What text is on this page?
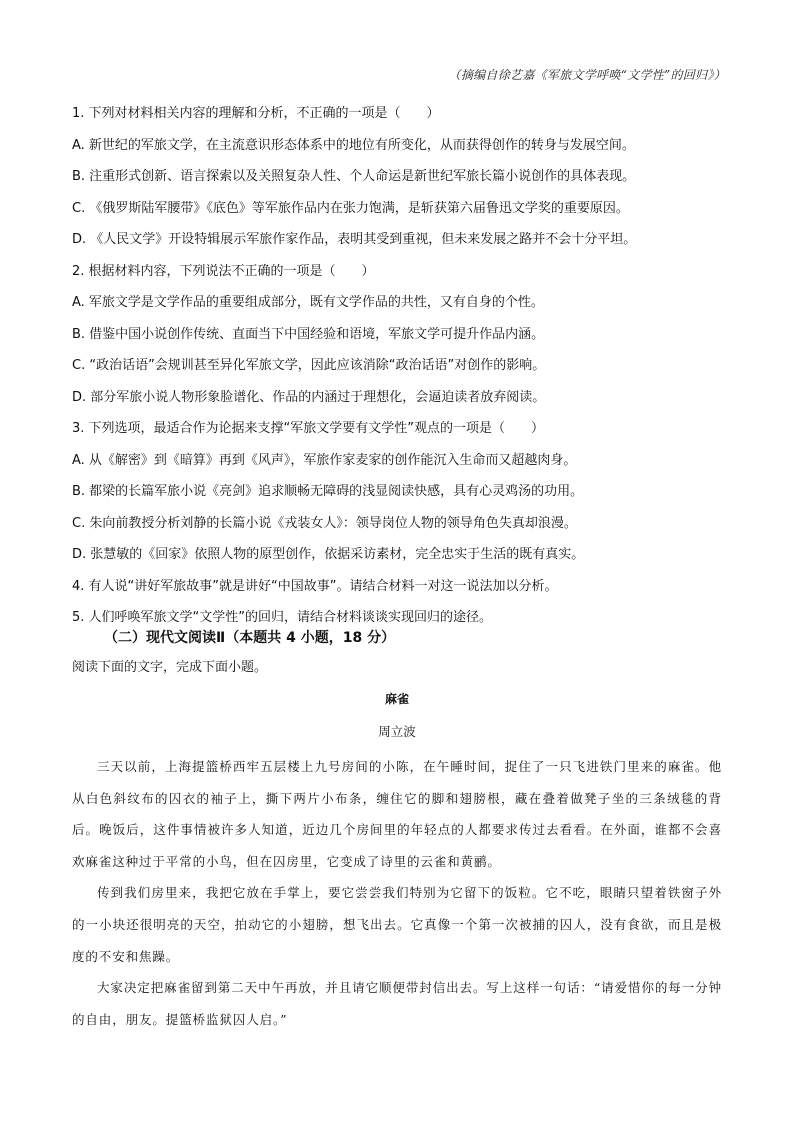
（摘编自徐艺嘉《军旅文学呼唤“文学性”的回归》）
1. 下列对材料相关内容的理解和分析，不正确的一项是（　　）
A. 新世纪的军旅文学，在主流意识形态体系中的地位有所变化，从而获得创作的转身与发展空间。
B. 注重形式创新、语言探索以及关照复杂人性、个人命运是新世纪军旅长篇小说创作的具体表现。
C. 《俄罗斯陆军腰带》《底色》等军旅作品内在张力饱满，是斩获第六届鲁迅文学奖的重要原因。
D. 《人民文学》开设特辑展示军旅作家作品，表明其受到重视，但未来发展之路并不会十分平坦。
2. 根据材料内容，下列说法不正确的一项是（　　）
A. 军旅文学是文学作品的重要组成部分，既有文学作品的共性，又有自身的个性。
B. 借鉴中国小说创作传统、直面当下中国经验和语境，军旅文学可提升作品内涵。
C. “政治话语”会规训甚至异化军旅文学，因此应该消除“政治话语”对创作的影响。
D. 部分军旅小说人物形象脸谱化、作品的内涵过于理想化，会逼迫读者放弃阅读。
3. 下列选项，最适合作为论据来支撑“军旅文学要有文学性”观点的一项是（　　）
A. 从《解密》到《暗算》再到《风声》，军旅作家麦家的创作能沉入生命而又超越肉身。
B. 都梁的长篇军旅小说《亮剑》追求顺畅无障碍的浅显阅读快感，具有心灵鸡汤的功用。
C. 朱向前教授分析刘静的长篇小说《戎装女人》：领导岗位人物的领导角色失真却浪漫。
D. 张慧敏的《回家》依照人物的原型创作，依据采访素材，完全忠实于生活的既有真实。
4. 有人说“讲好军旅故事”就是讲好“中国故事”。请结合材料一对这一说法加以分析。
5. 人们呼唤军旅文学“文学性”的回归，请结合材料谈谈实现回归的途径。
（二）现代文阅读Ⅱ（本题共 4 小题，18 分）
阅读下面的文字，完成下面小题。
麻雀
周立波

三天以前，上海提篮桥西牢五层楼上九号房间的小陈，在午睡时间，捉住了一只飞进铁门里来的麻雀。他从白色斜纹布的囚衣的袖子上，撕下两片小布条，缠住它的脚和翅膀根，藏在叠着做凳子坐的三条绒毯的背后。晚饭后，这件事情被许多人知道，近边几个房间里的年轻点的人都要求传过去看看。在外面，谁都不会喜欢麻雀这种过于平常的小鸟，但在囚房里，它变成了诗里的云雀和黄鹂。

传到我们房里来，我把它放在手掌上，要它尝尝我们特别为它留下的饭粒。它不吃，眼睛只望着铁窗子外的一小块还很明亮的天空，拍动它的小翅膀，想飞出去。它真像一个第一次被捕的囚人，没有食欲，而且是极度的不安和焦躁。

大家决定把麻雀留到第二天中午再放，并且请它顺便带封信出去。写上这样一句话：“请爱惜你的每一分钟的自由，朋友。提篮桥监狱囚人启。”
